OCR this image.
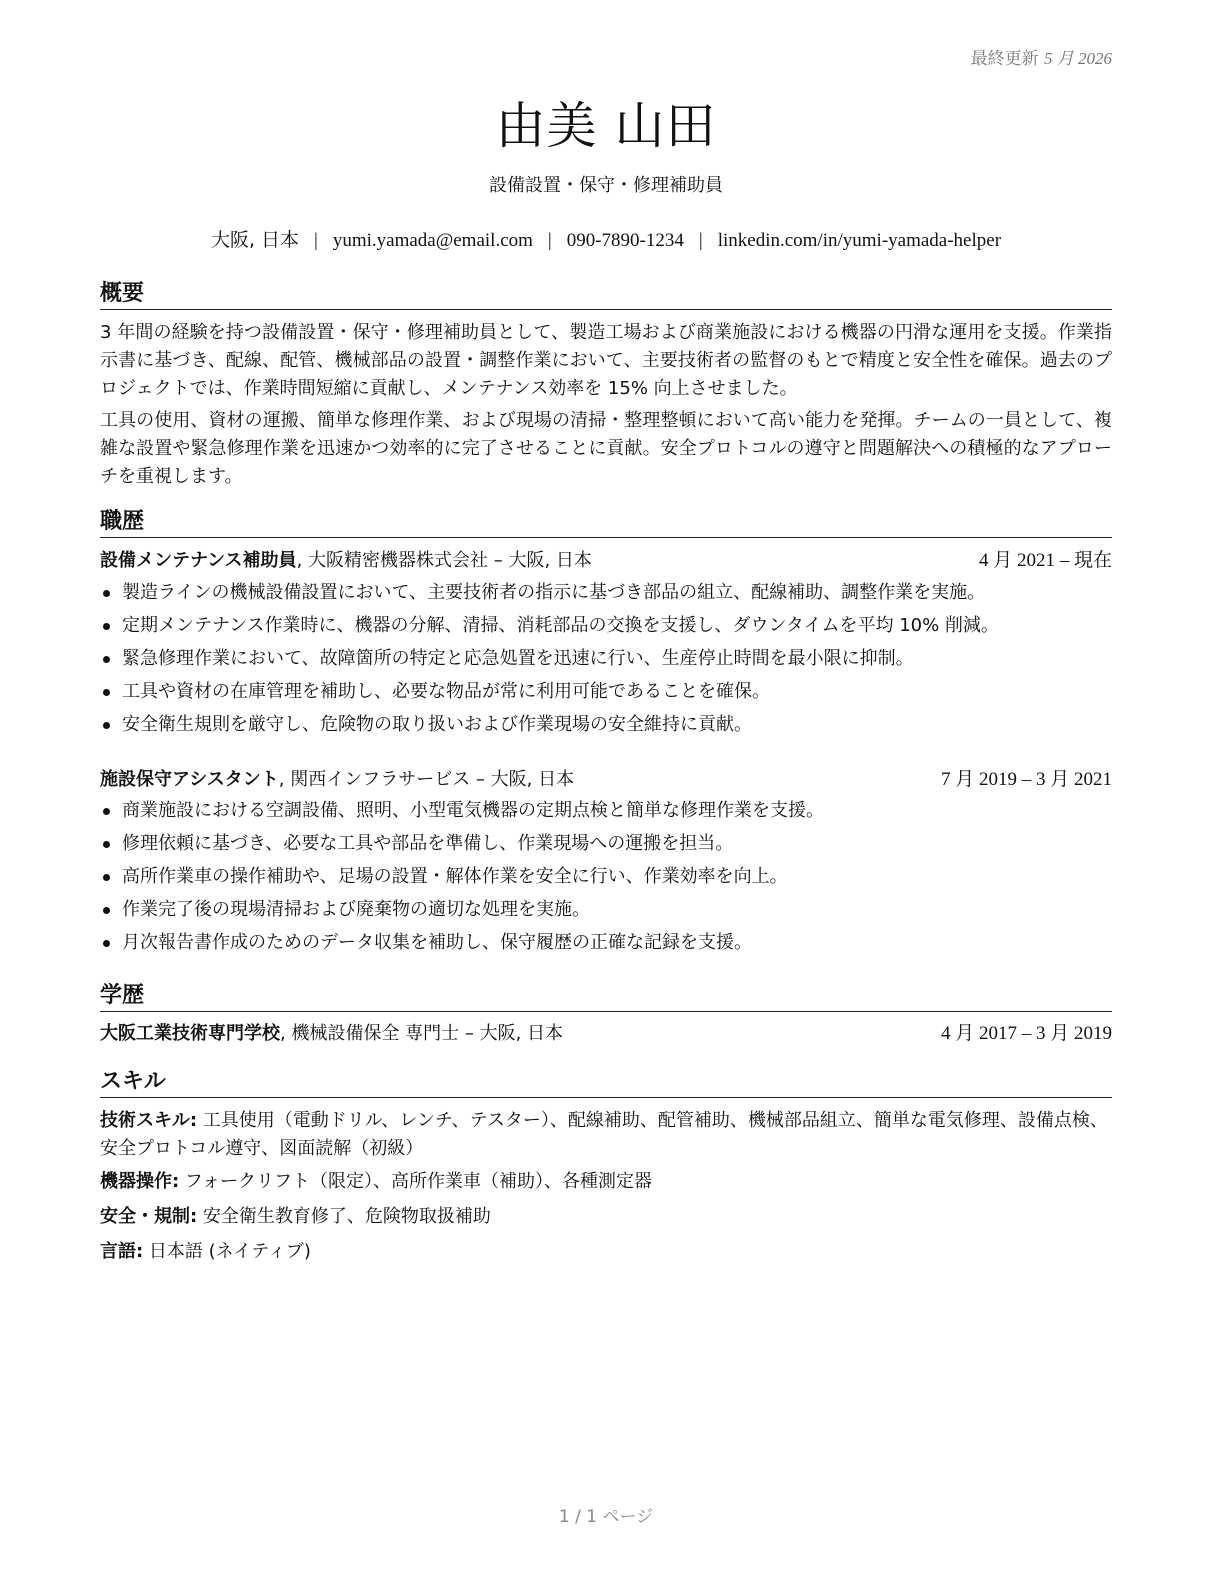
最終更新 5 月 2026
由美 山田
設備設置・保守・修理補助員
大阪, 日本 | yumi.yamada@email.com | 090-7890-1234 | linkedin.com/in/yumi-yamada-helper
概要
3 年間の経験を持つ設備設置・保守・修理補助員として、製造工場および商業施設における機器の円滑な運用を支援。作業指示書に基づき、配線、配管、機械部品の設置・調整作業において、主要技術者の監督のもとで精度と安全性を確保。過去のプロジェクトでは、作業時間短縮に貢献し、メンテナンス効率を 15% 向上させました。
工具の使用、資材の運搬、簡単な修理作業、および現場の清掃・整理整頓において高い能力を発揮。チームの一員として、複雑な設置や緊急修理作業を迅速かつ効率的に完了させることに貢献。安全プロトコルの遵守と問題解決への積極的なアプローチを重視します。
職歴
設備メンテナンス補助員, 大阪精密機器株式会社 – 大阪, 日本	4 月 2021 – 現在
製造ラインの機械設備設置において、主要技術者の指示に基づき部品の組立、配線補助、調整作業を実施。
定期メンテナンス作業時に、機器の分解、清掃、消耗部品の交換を支援し、ダウンタイムを平均 10% 削減。
緊急修理作業において、故障箇所の特定と応急処置を迅速に行い、生産停止時間を最小限に抑制。
工具や資材の在庫管理を補助し、必要な物品が常に利用可能であることを確保。
安全衛生規則を厳守し、危険物の取り扱いおよび作業現場の安全維持に貢献。
施設保守アシスタント, 関西インフラサービス – 大阪, 日本	7 月 2019 – 3 月 2021
商業施設における空調設備、照明、小型電気機器の定期点検と簡単な修理作業を支援。
修理依頼に基づき、必要な工具や部品を準備し、作業現場への運搬を担当。
高所作業車の操作補助や、足場の設置・解体作業を安全に行い、作業効率を向上。
作業完了後の現場清掃および廃棄物の適切な処理を実施。
月次報告書作成のためのデータ収集を補助し、保守履歴の正確な記録を支援。
学歴
大阪工業技術専門学校, 機械設備保全 専門士 – 大阪, 日本	4 月 2017 – 3 月 2019
スキル
技術スキル: 工具使用（電動ドリル、レンチ、テスター）、配線補助、配管補助、機械部品組立、簡単な電気修理、設備点検、安全プロトコル遵守、図面読解（初級）
機器操作: フォークリフト（限定）、高所作業車（補助）、各種測定器
安全・規制: 安全衛生教育修了、危険物取扱補助
言語: 日本語 (ネイティブ)
1 / 1 ページ
